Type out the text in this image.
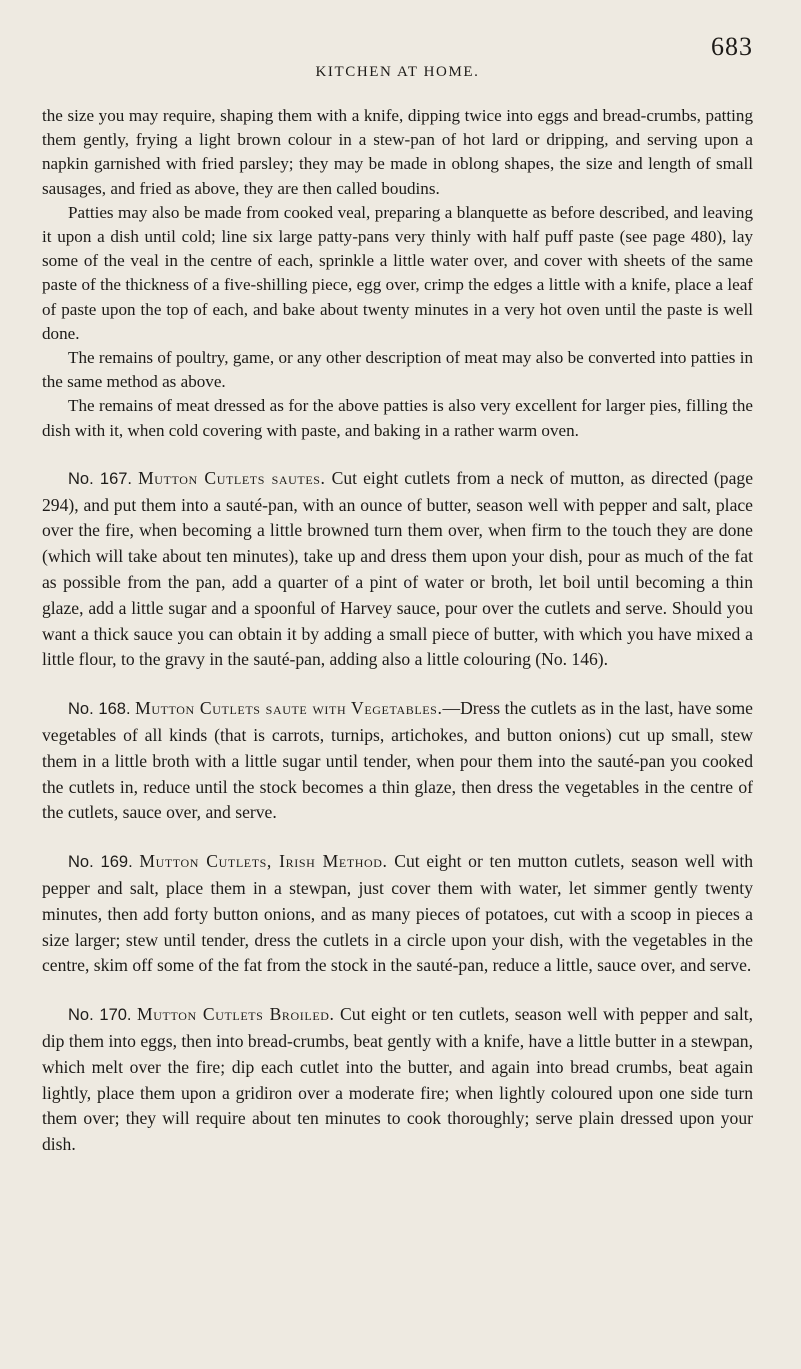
KITCHEN AT HOME.
683

the size you may require, shaping them with a knife, dipping twice into eggs and bread-crumbs, patting them gently, frying a light brown colour in a stew-pan of hot lard or dripping, and serving upon a napkin garnished with fried parsley; they may be made in oblong shapes, the size and length of small sausages, and fried as above, they are then called boudins.

Patties may also be made from cooked veal, preparing a blanquette as before described, and leaving it upon a dish until cold; line six large patty-pans very thinly with half puff paste (see page 480), lay some of the veal in the centre of each, sprinkle a little water over, and cover with sheets of the same paste of the thickness of a five-shilling piece, egg over, crimp the edges a little with a knife, place a leaf of paste upon the top of each, and bake about twenty minutes in a very hot oven until the paste is well done.

The remains of poultry, game, or any other description of meat may also be converted into patties in the same method as above.

The remains of meat dressed as for the above patties is also very excellent for larger pies, filling the dish with it, when cold covering with paste, and baking in a rather warm oven.

No. 167. Mutton Cutlets sautes. Cut eight cutlets from a neck of mutton, as directed (page 294), and put them into a sauté-pan, with an ounce of butter, season well with pepper and salt, place over the fire, when becoming a little browned turn them over, when firm to the touch they are done (which will take about ten minutes), take up and dress them upon your dish, pour as much of the fat as possible from the pan, add a quarter of a pint of water or broth, let boil until becoming a thin glaze, add a little sugar and a spoonful of Harvey sauce, pour over the cutlets and serve. Should you want a thick sauce you can obtain it by adding a small piece of butter, with which you have mixed a little flour, to the gravy in the sauté-pan, adding also a little colouring (No. 146).

No. 168. Mutton Cutlets saute with Vegetables.—Dress the cutlets as in the last, have some vegetables of all kinds (that is carrots, turnips, artichokes, and button onions) cut up small, stew them in a little broth with a little sugar until tender, when pour them into the sauté-pan you cooked the cutlets in, reduce until the stock becomes a thin glaze, then dress the vegetables in the centre of the cutlets, sauce over, and serve.

No. 169. Mutton Cutlets, Irish Method. Cut eight or ten mutton cutlets, season well with pepper and salt, place them in a stewpan, just cover them with water, let simmer gently twenty minutes, then add forty button onions, and as many pieces of potatoes, cut with a scoop in pieces a size larger; stew until tender, dress the cutlets in a circle upon your dish, with the vegetables in the centre, skim off some of the fat from the stock in the sauté-pan, reduce a little, sauce over, and serve.

No. 170. Mutton Cutlets Broiled. Cut eight or ten cutlets, season well with pepper and salt, dip them into eggs, then into bread-crumbs, beat gently with a knife, have a little butter in a stewpan, which melt over the fire; dip each cutlet into the butter, and again into bread crumbs, beat again lightly, place them upon a gridiron over a moderate fire; when lightly coloured upon one side turn them over; they will require about ten minutes to cook thoroughly; serve plain dressed upon your dish.
